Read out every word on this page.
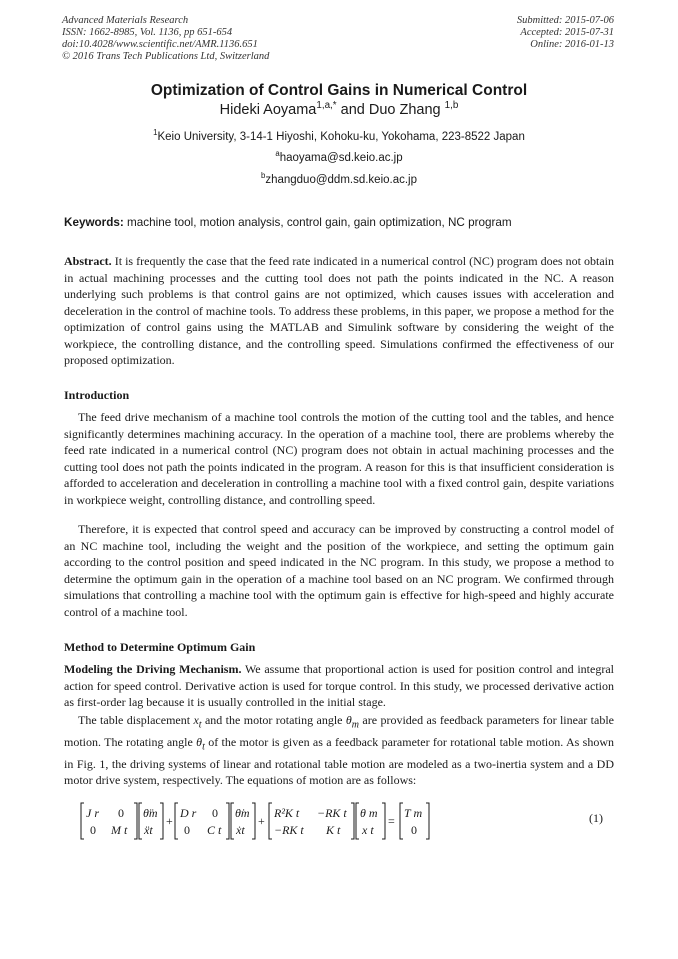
Advanced Materials Research
ISSN: 1662-8985, Vol. 1136, pp 651-654
doi:10.4028/www.scientific.net/AMR.1136.651
© 2016 Trans Tech Publications Ltd, Switzerland
Submitted: 2015-07-06
Accepted: 2015-07-31
Online: 2016-01-13
Optimization of Control Gains in Numerical Control
Hideki Aoyama$^{1,a,*}$ and Duo Zhang $^{1,b}$
$^1$Keio University, 3-14-1 Hiyoshi, Kohoku-ku, Yokohama, 223-8522 Japan
$^a$haoyama@sd.keio.ac.jp
$^b$zhangduo@ddm.sd.keio.ac.jp
Keywords: machine tool, motion analysis, control gain, gain optimization, NC program

Abstract. It is frequently the case that the feed rate indicated in a numerical control (NC) program does not obtain in actual machining processes and the cutting tool does not path the points indicated in the NC. A reason underlying such problems is that control gains are not optimized, which causes issues with acceleration and deceleration in the control of machine tools. To address these problems, in this paper, we propose a method for the optimization of control gains using the MATLAB and Simulink software by considering the weight of the workpiece, the controlling distance, and the controlling speed. Simulations confirmed the effectiveness of our proposed optimization.

Introduction

The feed drive mechanism of a machine tool controls the motion of the cutting tool and the tables, and hence significantly determines machining accuracy. In the operation of a machine tool, there are problems whereby the feed rate indicated in a numerical control (NC) program does not obtain in actual machining processes and the cutting tool does not path the points indicated in the program. A reason for this is that insufficient consideration is afforded to acceleration and deceleration in controlling a machine tool with a fixed control gain, despite variations in workpiece weight, controlling distance, and controlling speed.

Therefore, it is expected that control speed and accuracy can be improved by constructing a control model of an NC machine tool, including the weight and the position of the workpiece, and setting the optimum gain according to the control position and speed indicated in the NC program. In this study, we propose a method to determine the optimum gain in the operation of a machine tool based on an NC program. We confirmed through simulations that controlling a machine tool with the optimum gain is effective for high-speed and highly accurate control of a machine tool.

Method to Determine Optimum Gain

Modeling the Driving Mechanism. We assume that proportional action is used for position control and integral action for speed control. Derivative action is used for torque control. In this study, we processed derivative action as first-order lag because it is usually controlled in the initial stage.

The table displacement $x_t$ and the motor rotating angle $\theta_m$ are provided as feedback parameters for linear table motion. The rotating angle $\theta_t$ of the motor is given as a feedback parameter for rotational table motion. As shown in Fig. 1, the driving systems of linear and rotational table motion are modeled as a two-inertia system and a DD motor drive system, respectively. The equations of motion are as follows:

J r 0
0 M t
θ̈m
ẍt
+
D r 0
0 C t
θ̇m
ẋt
+
R²K t −RK t
−RK t K t
θ m
x t
=
T m
0
(1)
